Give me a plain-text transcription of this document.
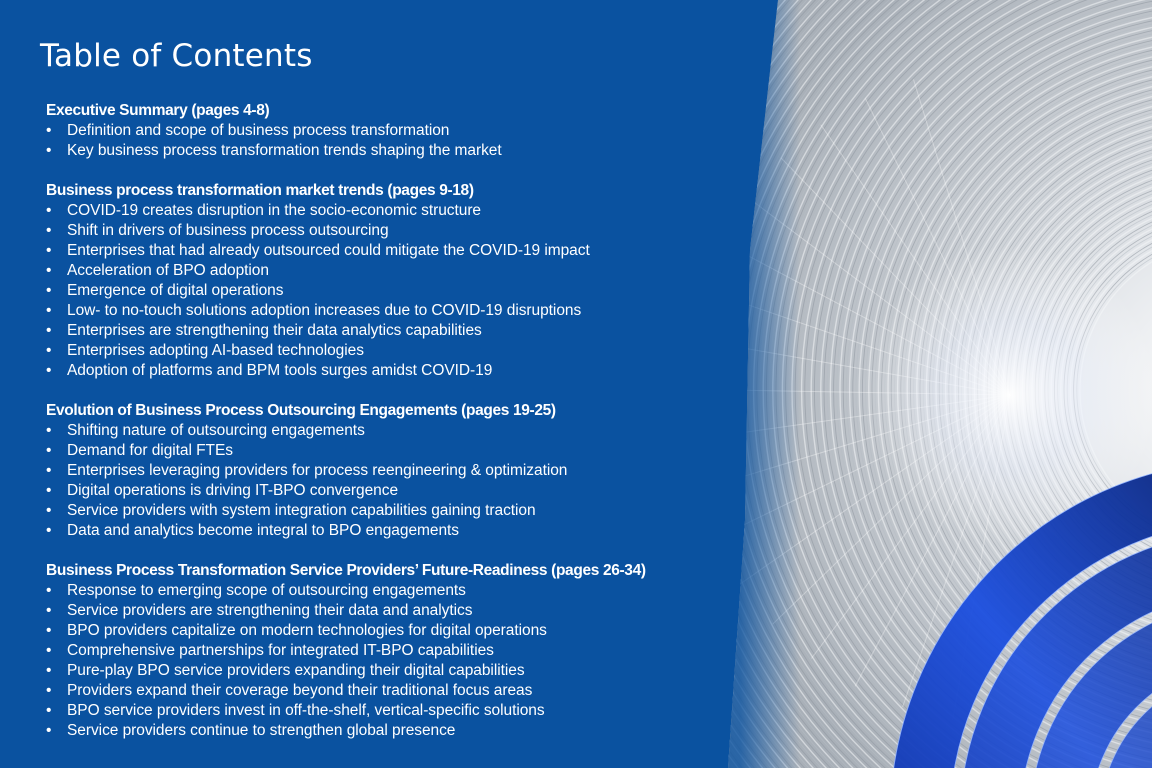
Table of Contents
Executive Summary (pages 4-8)
• Definition and scope of business process transformation
• Key business process transformation trends shaping the market
Business process transformation market trends (pages 9-18)
• COVID-19 creates disruption in the socio-economic structure
• Shift in drivers of business process outsourcing
• Enterprises that had already outsourced could mitigate the COVID-19 impact
• Acceleration of BPO adoption
• Emergence of digital operations
• Low- to no-touch solutions adoption increases due to COVID-19 disruptions
• Enterprises are strengthening their data analytics capabilities
• Enterprises adopting AI-based technologies
• Adoption of platforms and BPM tools surges amidst COVID-19
Evolution of Business Process Outsourcing Engagements (pages 19-25)
• Shifting nature of outsourcing engagements
• Demand for digital FTEs
• Enterprises leveraging providers for process reengineering & optimization
• Digital operations is driving IT-BPO convergence
• Service providers with system integration capabilities gaining traction
• Data and analytics become integral to BPO engagements
Business Process Transformation Service Providers’ Future-Readiness (pages 26-34)
• Response to emerging scope of outsourcing engagements
• Service providers are strengthening their data and analytics
• BPO providers capitalize on modern technologies for digital operations
• Comprehensive partnerships for integrated IT-BPO capabilities
• Pure-play BPO service providers expanding their digital capabilities
• Providers expand their coverage beyond their traditional focus areas
• BPO service providers invest in off-the-shelf, vertical-specific solutions
• Service providers continue to strengthen global presence
